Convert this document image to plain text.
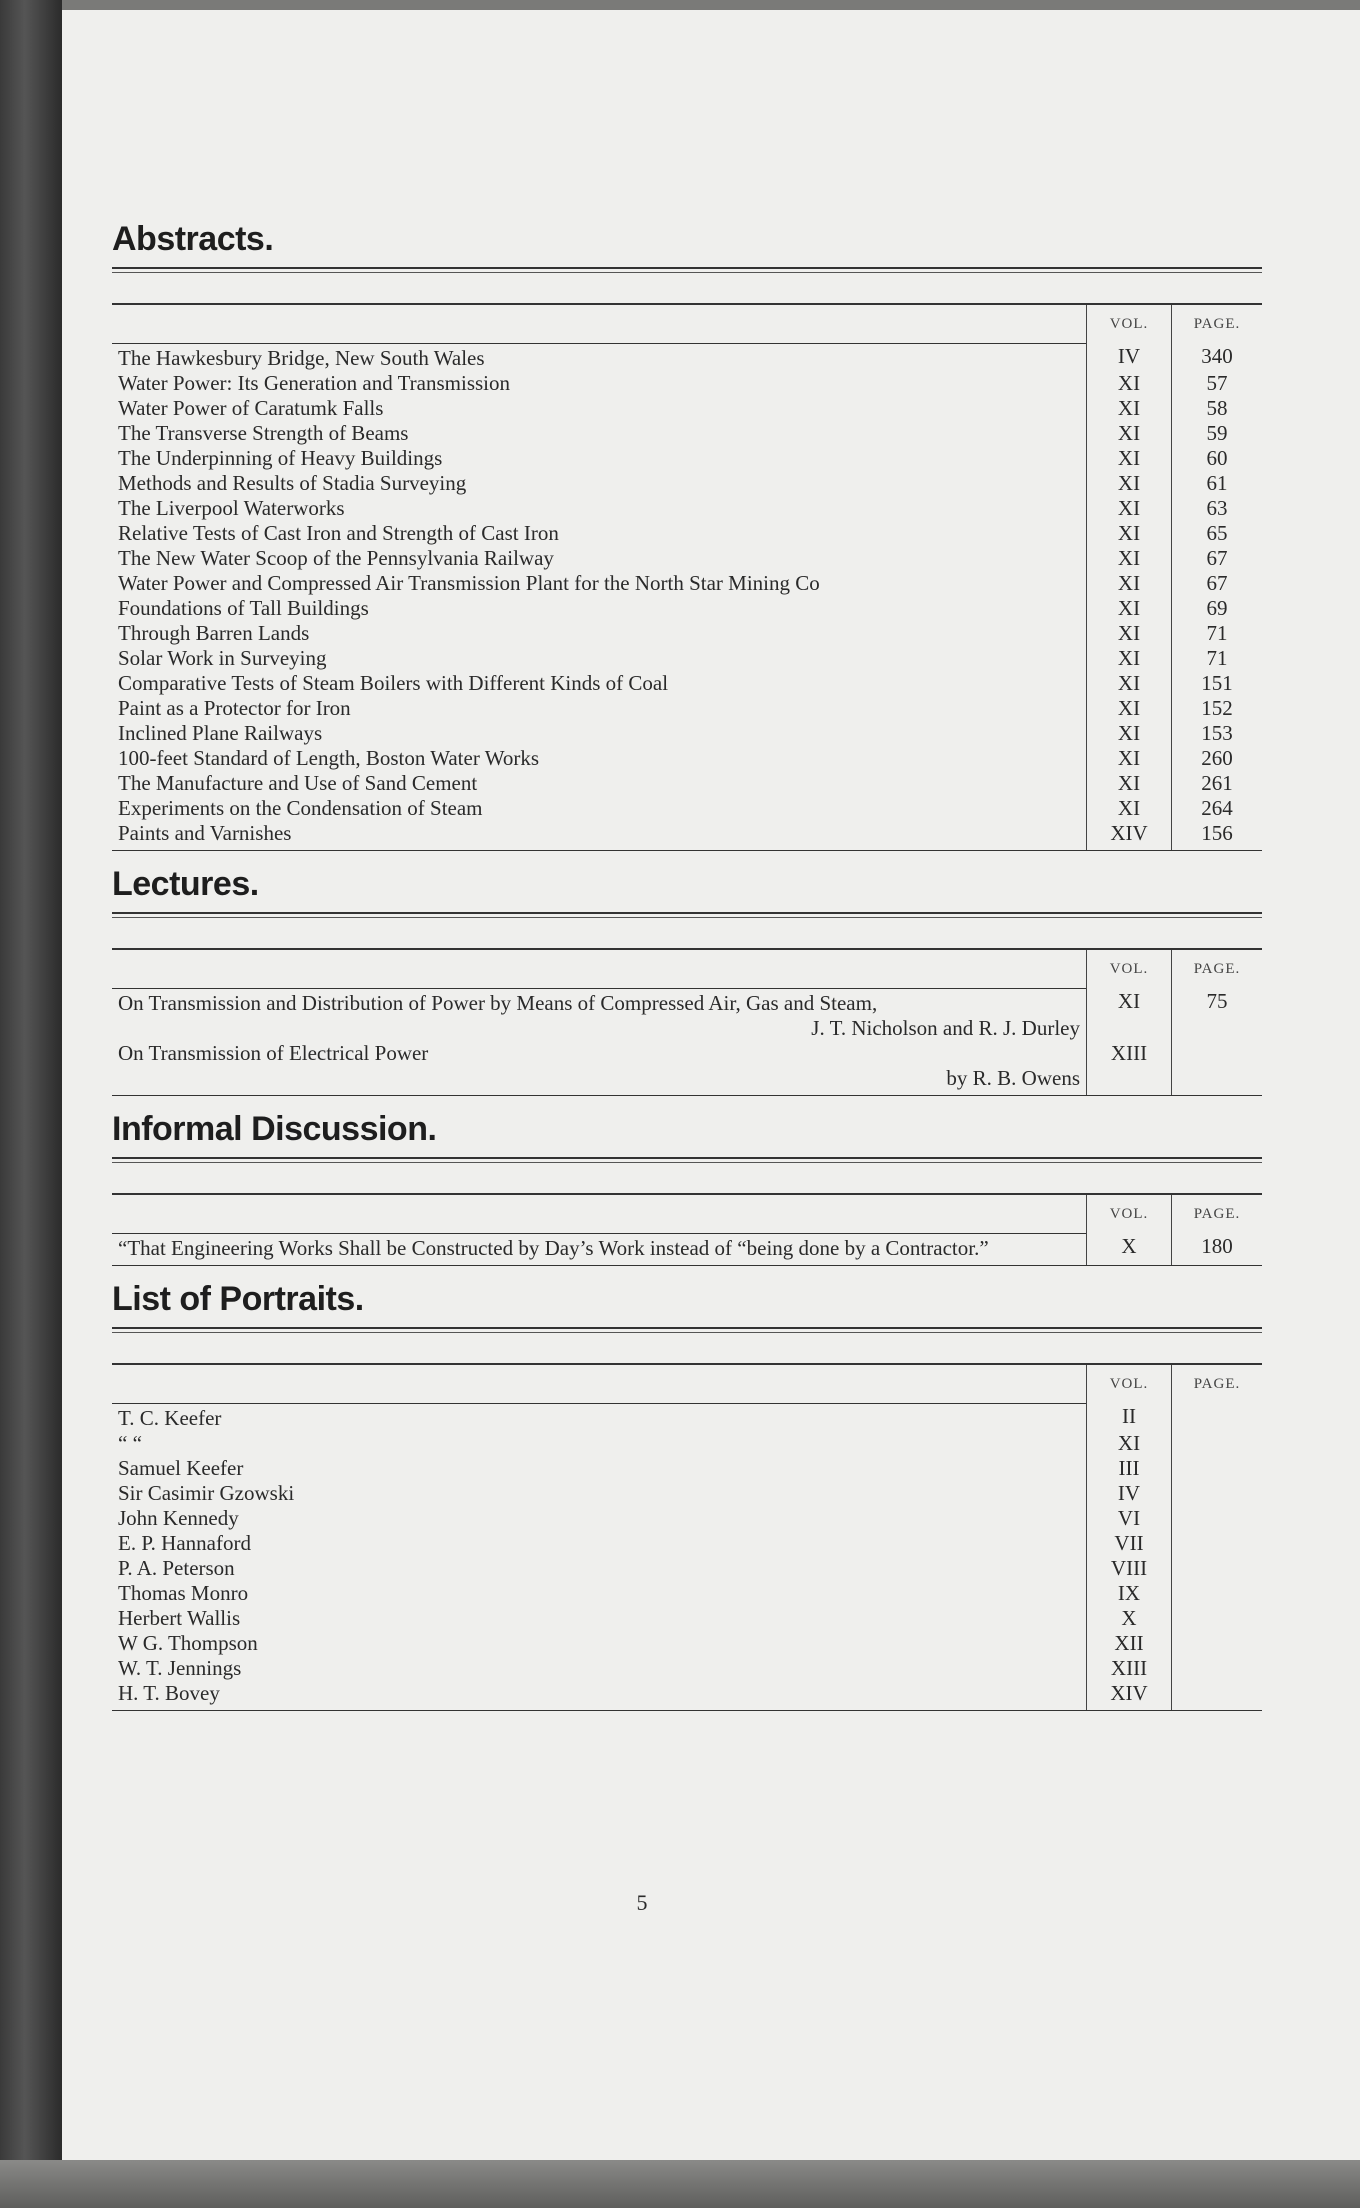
Abstracts.
	VOL.	PAGE.
The Hawkesbury Bridge, New South Wales	IV	340
Water Power: Its Generation and Transmission	XI	57
Water Power of Caratumk Falls	XI	58
The Transverse Strength of Beams	XI	59
The Underpinning of Heavy Buildings	XI	60
Methods and Results of Stadia Surveying	XI	61
The Liverpool Waterworks	XI	63
Relative Tests of Cast Iron and Strength of Cast Iron	XI	65
The New Water Scoop of the Pennsylvania Railway	XI	67
Water Power and Compressed Air Transmission Plant for the North Star Mining Co	XI	67
Foundations of Tall Buildings	XI	69
Through Barren Lands	XI	71
Solar Work in Surveying	XI	71
Comparative Tests of Steam Boilers with Different Kinds of Coal	XI	151
Paint as a Protector for Iron	XI	152
Inclined Plane Railways	XI	153
100-feet Standard of Length, Boston Water Works	XI	260
The Manufacture and Use of Sand Cement	XI	261
Experiments on the Condensation of Steam	XI	264
Paints and Varnishes	XIV	156
Lectures.
	VOL.	PAGE.
On Transmission and Distribution of Power by Means of Compressed Air, Gas and Steam,
J. T. Nicholson and R. J. Durley	XI	75
On Transmission of Electrical Power
by R. B. Owens	XIII	
Informal Discussion.
	VOL.	PAGE.
“That Engineering Works Shall be Constructed by Day’s Work instead of “being done by a Contractor.”	X	180
List of Portraits.
	VOL.	PAGE.
T. C. Keefer	II	
“ “	XI	
Samuel Keefer	III	
Sir Casimir Gzowski	IV	
John Kennedy	VI	
E. P. Hannaford	VII	
P. A. Peterson	VIII	
Thomas Monro	IX	
Herbert Wallis	X	
W G. Thompson	XII	
W. T. Jennings	XIII	
H. T. Bovey	XIV	
5
